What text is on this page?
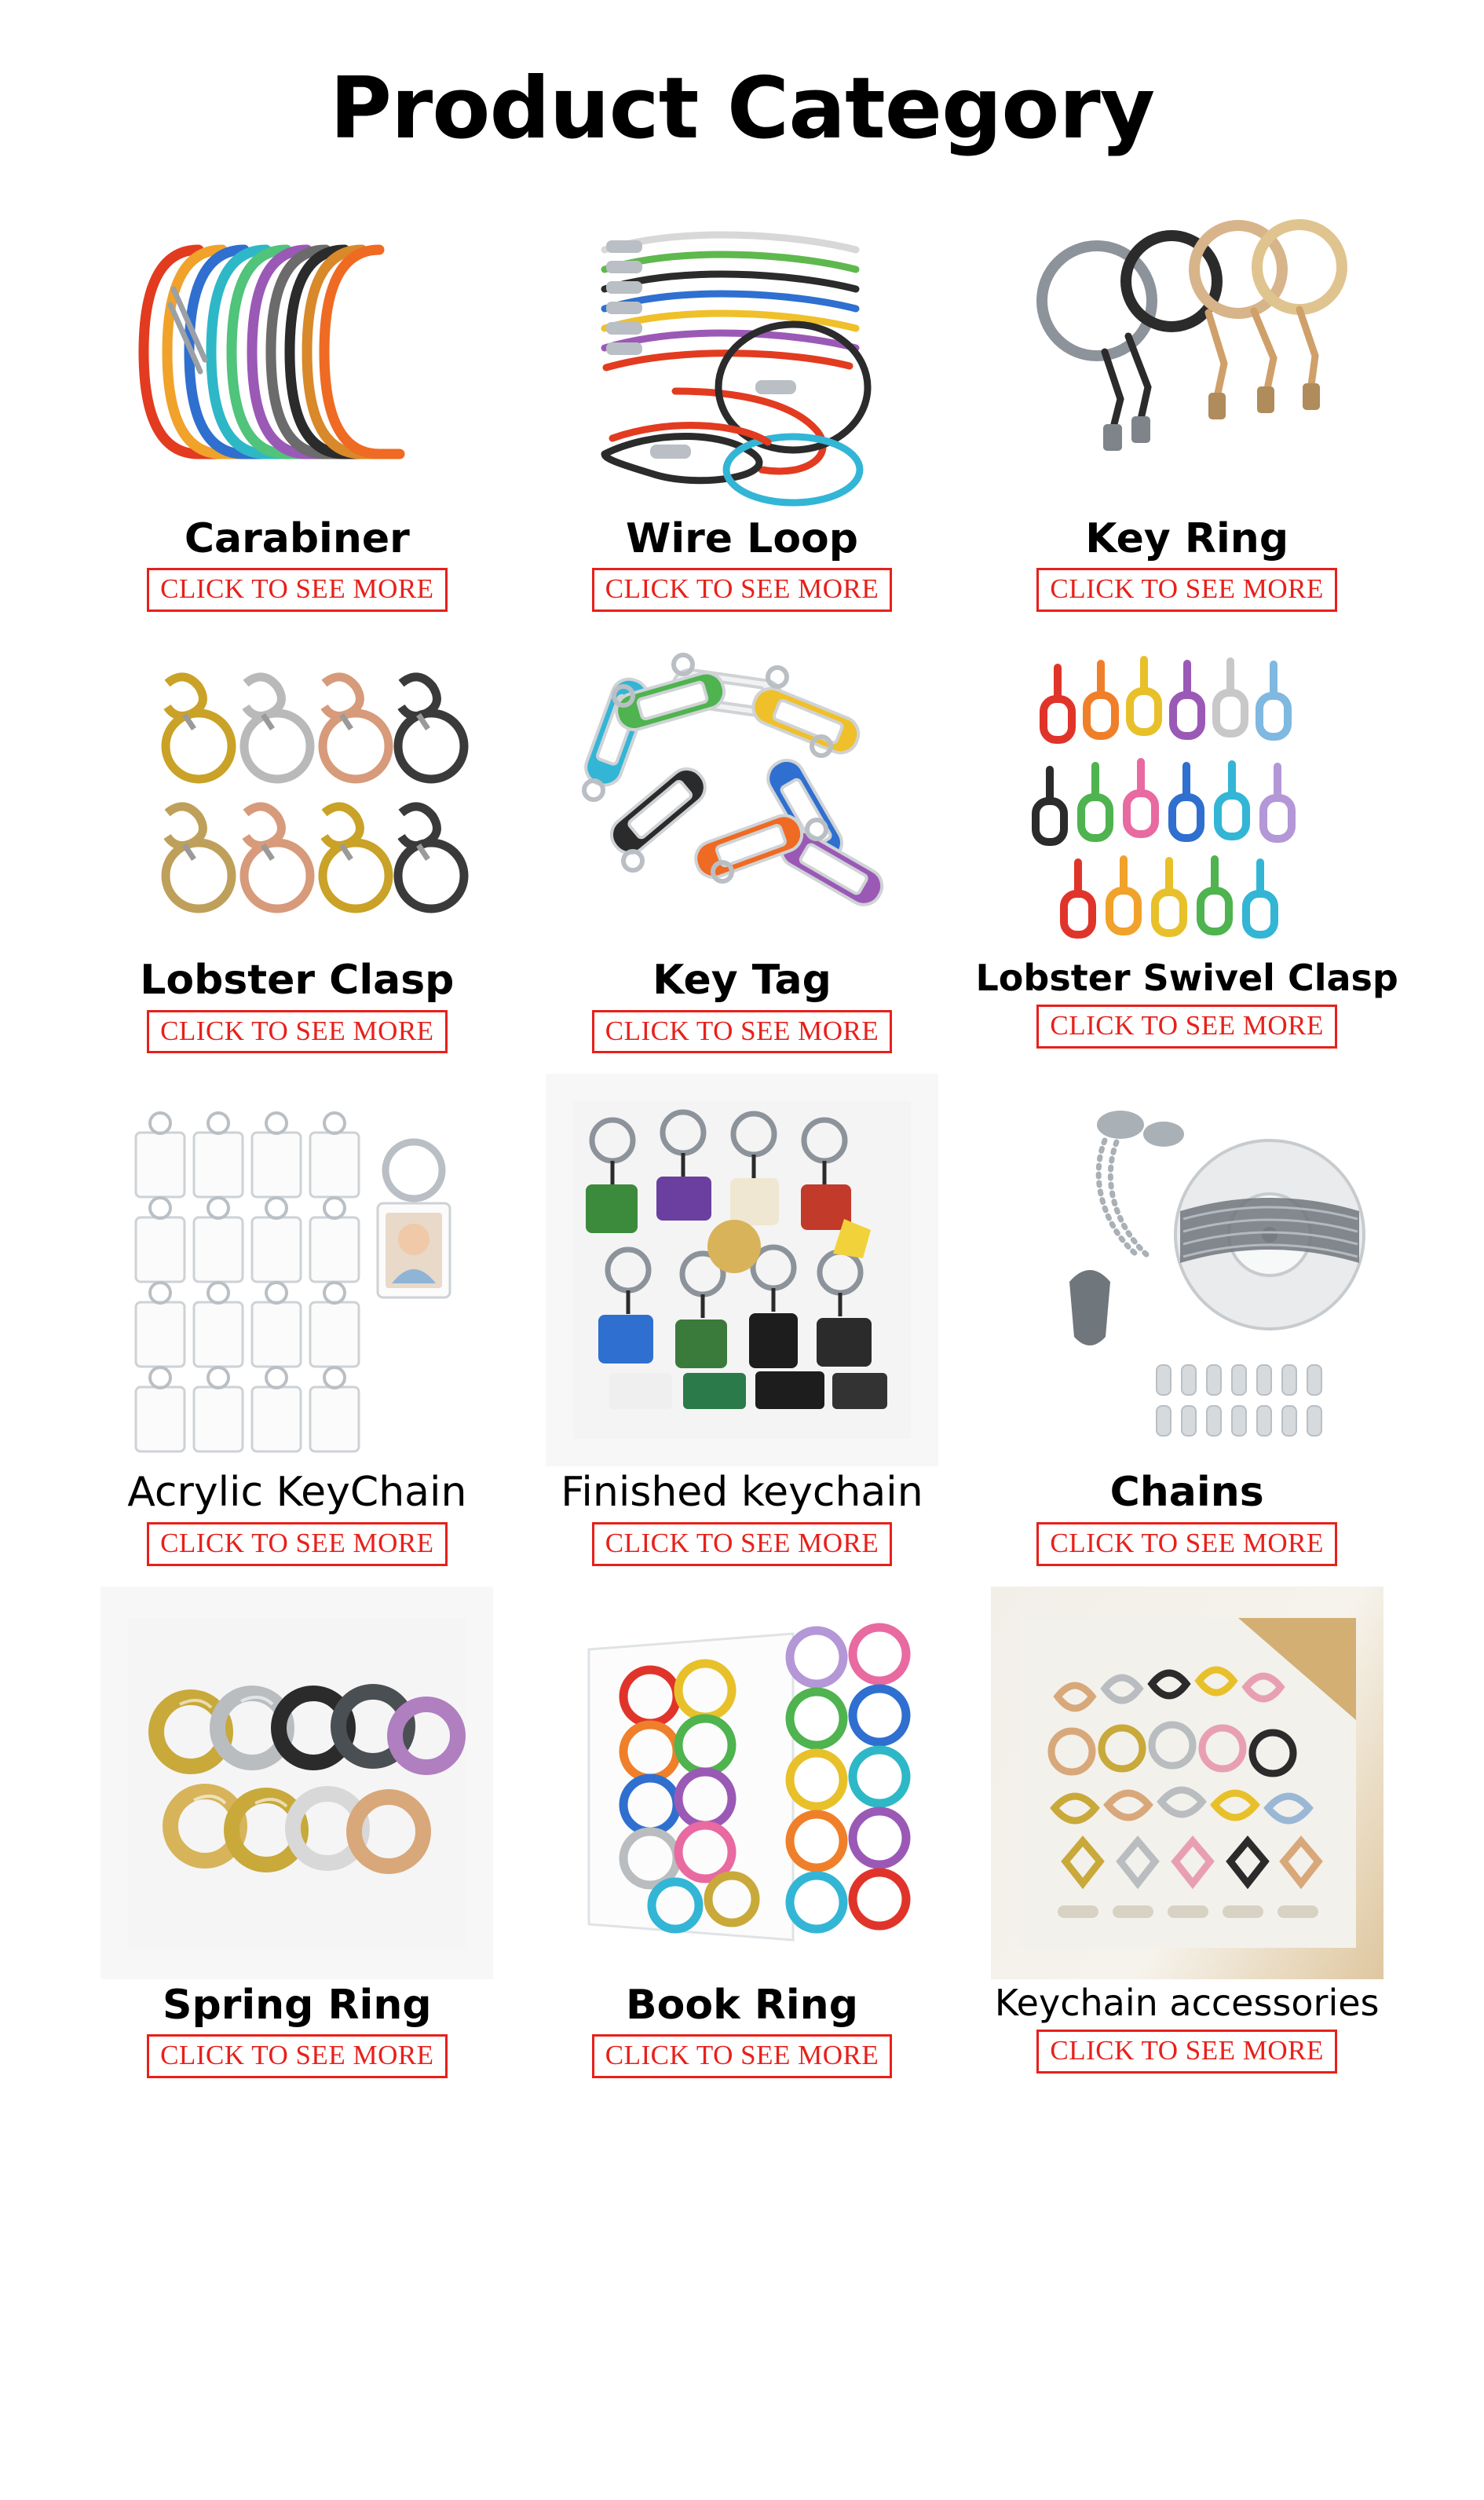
Product Category
Carabiner
CLICK TO SEE MORE
Wire Loop
CLICK TO SEE MORE
Key Ring
CLICK TO SEE MORE
Lobster Clasp
CLICK TO SEE MORE
Key Tag
CLICK TO SEE MORE
Lobster Swivel Clasp
CLICK TO SEE MORE
Acrylic KeyChain
CLICK TO SEE MORE
Finished keychain
CLICK TO SEE MORE
Chains
CLICK TO SEE MORE
Spring Ring
CLICK TO SEE MORE
Book Ring
CLICK TO SEE MORE
Keychain accessories
CLICK TO SEE MORE
